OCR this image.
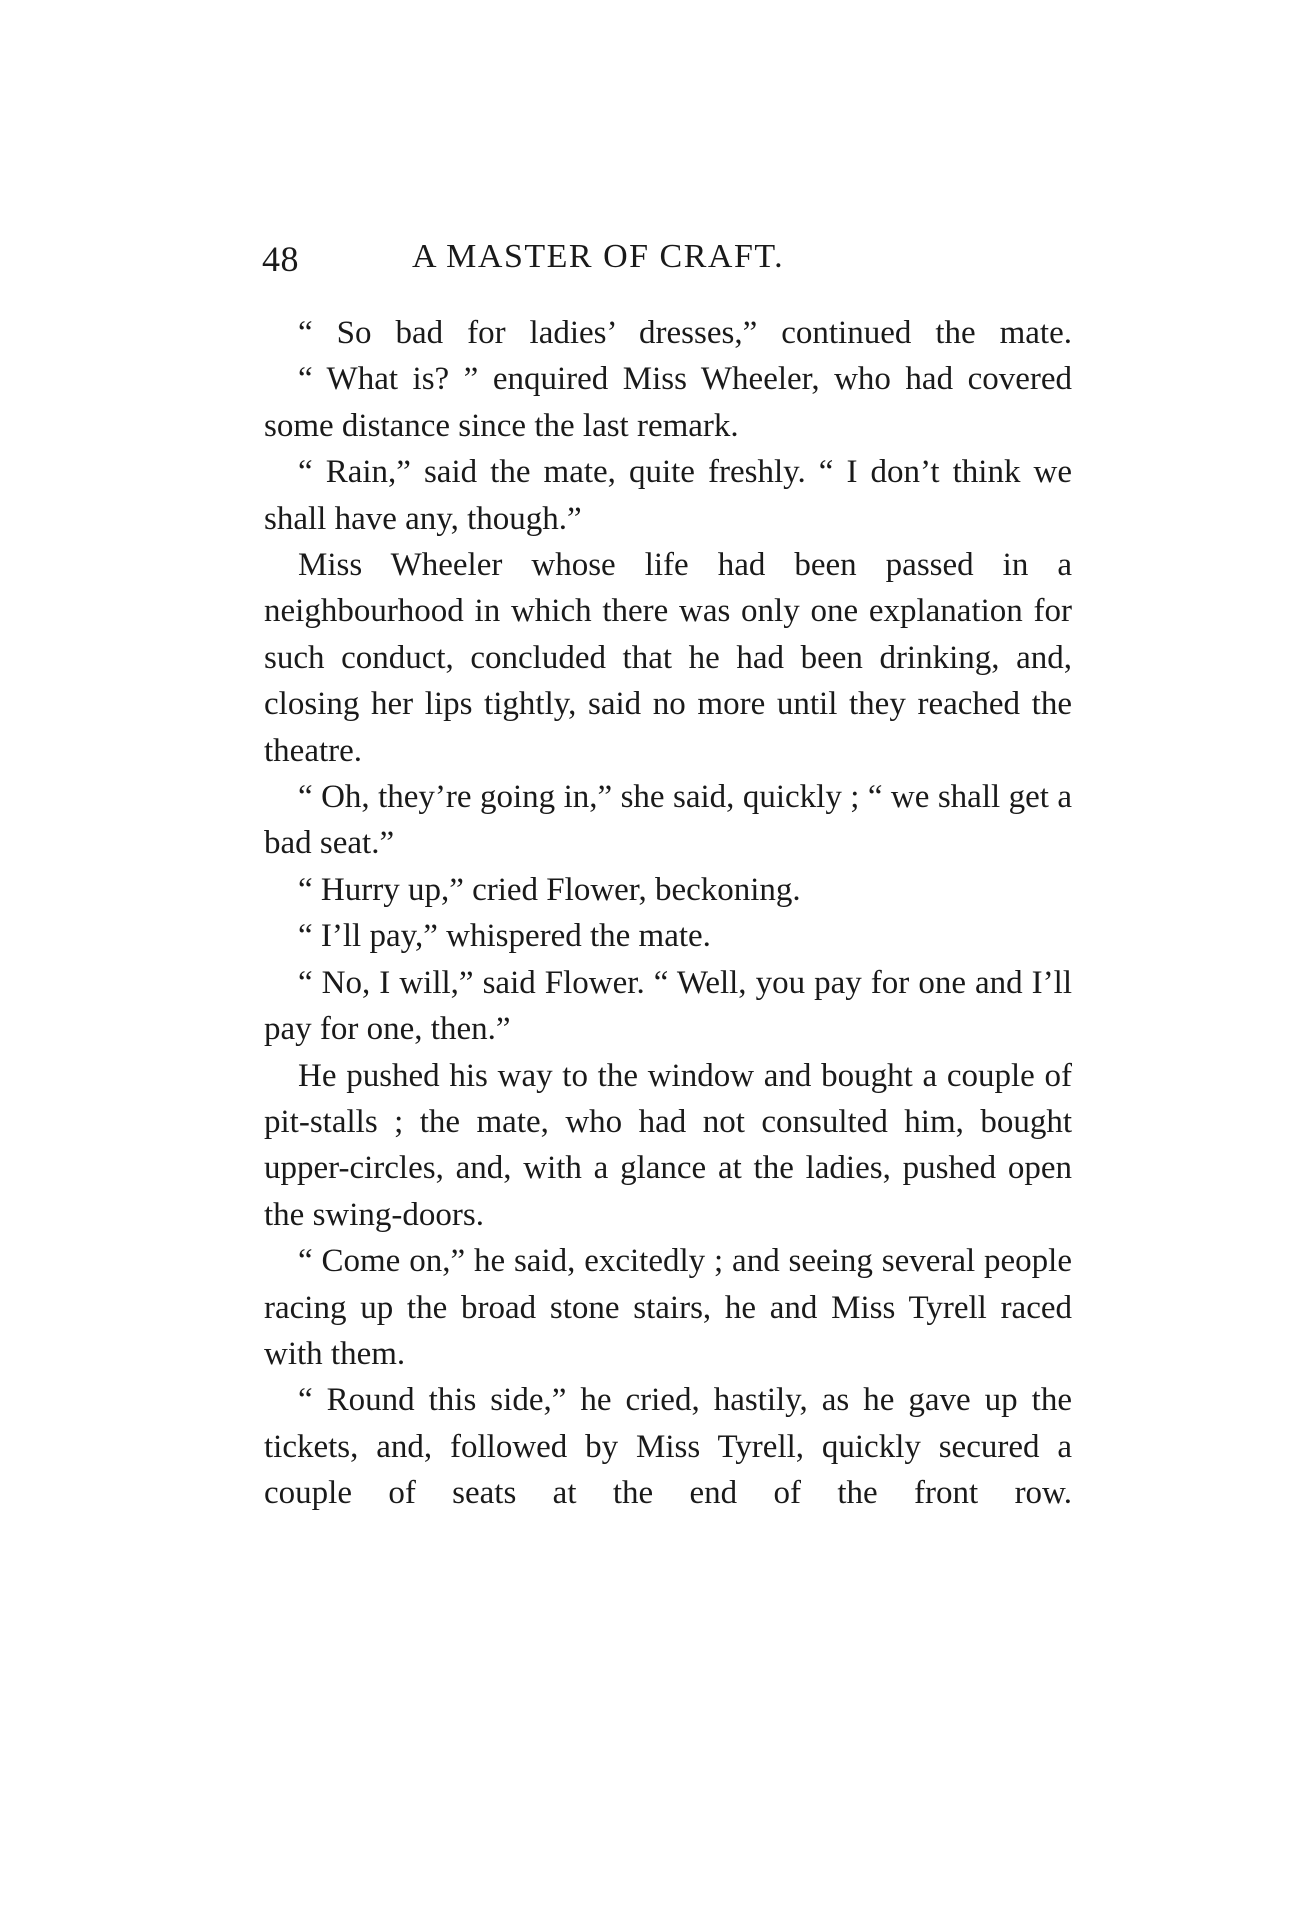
48	A MASTER OF CRAFT.

“ So bad for ladies’ dresses,” continued the mate.

“ What is? ” enquired Miss Wheeler, who had covered some distance since the last remark.

“ Rain,” said the mate, quite freshly. “ I don’t think we shall have any, though.”

Miss Wheeler whose life had been passed in a neighbourhood in which there was only one explanation for such conduct, concluded that he had been drinking, and, closing her lips tightly, said no more until they reached the theatre.

“ Oh, they’re going in,” she said, quickly ; “ we shall get a bad seat.”

“ Hurry up,” cried Flower, beckoning.

“ I’ll pay,” whispered the mate.

“ No, I will,” said Flower. “ Well, you pay for one and I’ll pay for one, then.”

He pushed his way to the window and bought a couple of pit-stalls ; the mate, who had not consulted him, bought upper-circles, and, with a glance at the ladies, pushed open the swing-doors.

“ Come on,” he said, excitedly ; and seeing several people racing up the broad stone stairs, he and Miss Tyrell raced with them.

“ Round this side,” he cried, hastily, as he gave up the tickets, and, followed by Miss Tyrell, quickly secured a couple of seats at the end of the front row.
